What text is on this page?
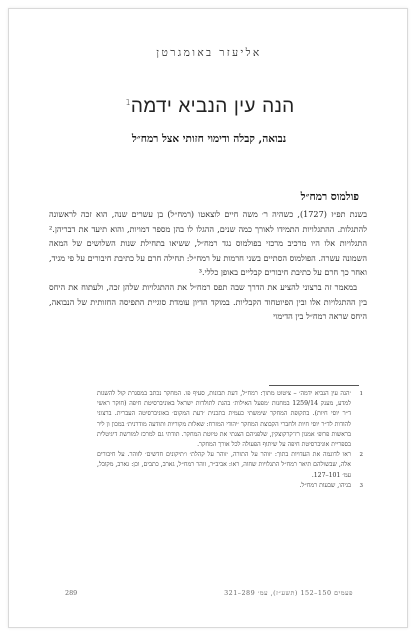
אליעזר באומגרטן
הנה עין הנביא ידמה$^1$
נבואה, קבלה ודימוי חזותי אצל רמח״ל
פולמוס רמח״ל

בשנת תפ״ז (1727), כשהיה ר׳ משה חיים לוצאטו (רמח״ל) בן עשרים שנה, הוא זכה לראשונה להתגלות. ההתגלויות התמידו לאורך כמה שנים, ההגלו לו בהן מספר דמויות, והוא תיעד את דבריהן.² התגלויות אלו היו מרכיב מרכזי בפולמוס נגד רמח״ל, ששיאו בתחילת שנות השלושים של המאה השמונה עשרה. הפולמוס הסתיים בשני חרמות על רמח״ל: תחילה חרם על כתיבת חיבורים על פי מגיד, ואחר כך חרם על כתיבת חיבורים קבליים באופן כללי.³

במאמר זה ברצוני להציע את הדרך שבה תפס רמח״ל את ההתגלויות שלהן זכה, ולעתוח את היחס בין ההתגלויות אלו ובין הפיוטחוד הקבליות. במוקד הדיון עומדת סוגיית התפיסה החזותית של הנבואה, היחס שראה רמח״ל בין הדימוי

1
׳הנה עין הנביא ידמה׳ – ציטוט מתוך: רמח״ל, דעת תבונות, סעיף פו. המחקר נכתב במסגרת קול להשגות למדע, מענק 1259/14 במחנות ׳מפעל האילות׳ בהגת לתולדות ישראל באוניברסיטת חיפה (חוקר ראשי ד״ר יוסי חיות). בתקופת המחקר שימשתי כעמית בתכנית ׳דעת המקום׳ באוניברסיטה העברית. ברצוני להודות לד״ר יוסי חיות ולחברי הקבוצת המחקר ׳יהודי המזרח: שאלות מקוריות ותודעה מודרנית׳ במכון ון ליר בראשות פרופ׳ אמנון רז־קרקוצקין, שלפניהם הצגתי את טיוטת המחקר. תודתי גם למרכז למורשת דיגיטלית בספריית אוניברסיטת חיפה על שיתוף הפעולה לכל אורך המחקר.
2
ראו לדוגמה את העדויות בתוך: ׳זוהר על התורה, ׳זוהר על קהלת׳ ו׳תיקונים חדשים׳ לזוהר. על חיבורים אלה, שבשולהם תיאר רמח״ל התגלויות שחוה, ראו: אביב״ר, זוהר רמח״ל, גארב, כתבים, וכן: גארב, מקובל, עמ׳ 101–127.
3
בניהו, שבעות רמח״ל.
289	פעמים 150–152 (תשע״ז), עמ׳ 289–321
